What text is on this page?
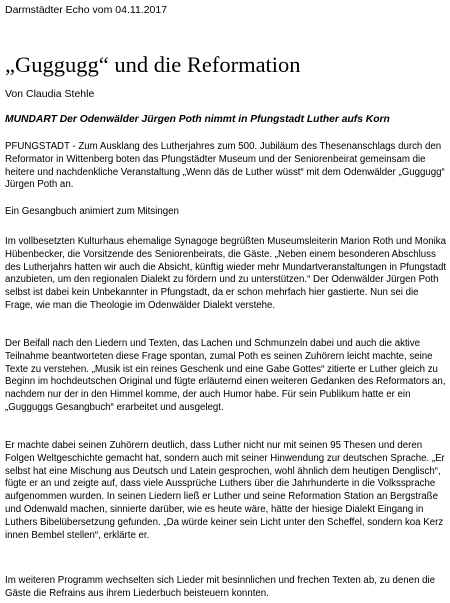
Darmstädter Echo vom 04.11.2017
„Guggugg“ und die Reformation
Von Claudia Stehle
MUNDART Der Odenwälder Jürgen Poth nimmt in Pfungstadt Luther aufs Korn

PFUNGSTADT - Zum Ausklang des Lutherjahres zum 500. Jubiläum des Thesenanschlags durch den Reformator in Wittenberg boten das Pfungstädter Museum und der Seniorenbeirat gemeinsam die heitere und nachdenkliche Veranstaltung „Wenn däs de Luther wüsst“ mit dem Odenwälder „Guggugg“ Jürgen Poth an.

Ein Gesangbuch animiert zum Mitsingen

Im vollbesetzten Kulturhaus ehemalige Synagoge begrüßten Museumsleiterin Marion Roth und Monika Hübenbecker, die Vorsitzende des Seniorenbeirats, die Gäste. „Neben einem besonderen Abschluss des Lutherjahrs hatten wir auch die Absicht, künftig wieder mehr Mundartveranstaltungen in Pfungstadt anzubieten, um den regionalen Dialekt zu fördern und zu unterstützen.“ Der Odenwälder Jürgen Poth selbst ist dabei kein Unbekannter in Pfungstadt, da er schon mehrfach hier gastierte. Nun sei die Frage, wie man die Theologie im Odenwälder Dialekt verstehe.

Der Beifall nach den Liedern und Texten, das Lachen und Schmunzeln dabei und auch die aktive Teilnahme beantworteten diese Frage spontan, zumal Poth es seinen Zuhörern leicht machte, seine Texte zu verstehen. „Musik ist ein reines Geschenk und eine Gabe Gottes“ zitierte er Luther gleich zu Beginn im hochdeutschen Original und fügte erläuternd einen weiteren Gedanken des Reformators an, nachdem nur der in den Himmel komme, der auch Humor habe. Für sein Publikum hatte er ein „Gugguggs Gesangbuch“ erarbeitet und ausgelegt.

Er machte dabei seinen Zuhörern deutlich, dass Luther nicht nur mit seinen 95 Thesen und deren Folgen Weltgeschichte gemacht hat, sondern auch mit seiner Hinwendung zur deutschen Sprache. „Er selbst hat eine Mischung aus Deutsch und Latein gesprochen, wohl ähnlich dem heutigen Denglisch“, fügte er an und zeigte auf, dass viele Aussprüche Luthers über die Jahrhunderte in die Volkssprache aufgenommen wurden. In seinen Liedern ließ er Luther und seine Reformation Station an Bergstraße und Odenwald machen, sinnierte darüber, wie es heute wäre, hätte der hiesige Dialekt Eingang in Luthers Bibelübersetzung gefunden. „Da würde keiner sein Licht unter den Scheffel, sondern koa Kerz innen Bembel stellen“, erklärte er.

Im weiteren Programm wechselten sich Lieder mit besinnlichen und frechen Texten ab, zu denen die Gäste die Refrains aus ihrem Liederbuch beisteuern konnten.
